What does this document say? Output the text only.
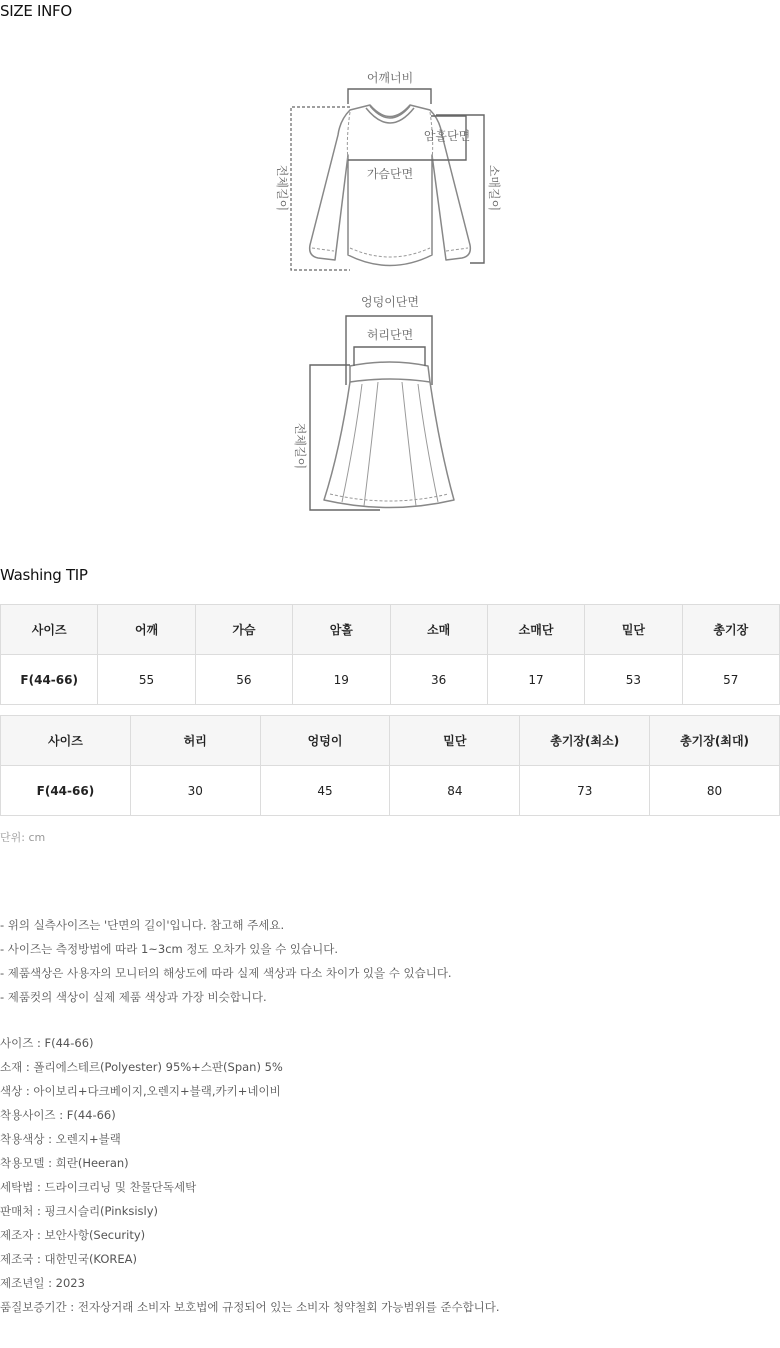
SIZE INFO
어깨너비
암홀단면
가슴단면
전체길이	소매길이
엉덩이단면
허리단면
전체길이
Washing TIP
사이즈	어깨	가슴	암홀	소매	소매단	밑단	총기장
F(44-66)	55	56	19	36	17	53	57
사이즈	허리	엉덩이	밑단	총기장(최소)	총기장(최대)
F(44-66)	30	45	84	73	80
단위: cm
- 위의 실측사이즈는 '단면의 길이'입니다. 참고해 주세요.
- 사이즈는 측정방법에 따라 1~3cm 정도 오차가 있을 수 있습니다.
- 제품색상은 사용자의 모니터의 해상도에 따라 실제 색상과 다소 차이가 있을 수 있습니다.
- 제품컷의 색상이 실제 제품 색상과 가장 비슷합니다.
사이즈 : F(44-66)
소재 : 폴리에스테르(Polyester) 95%+스판(Span) 5%
색상 : 아이보리+다크베이지,오렌지+블랙,카키+네이비
착용사이즈 : F(44-66)
착용색상 : 오렌지+블랙
착용모델 : 희란(Heeran)
세탁법 : 드라이크리닝 및 찬물단독세탁
판매처 : 핑크시슬리(Pinksisly)
제조자 : 보안사항(Security)
제조국 : 대한민국(KOREA)
제조년일 : 2023
품질보증기간 : 전자상거래 소비자 보호법에 규정되어 있는 소비자 청약철회 가능범위를 준수합니다.
